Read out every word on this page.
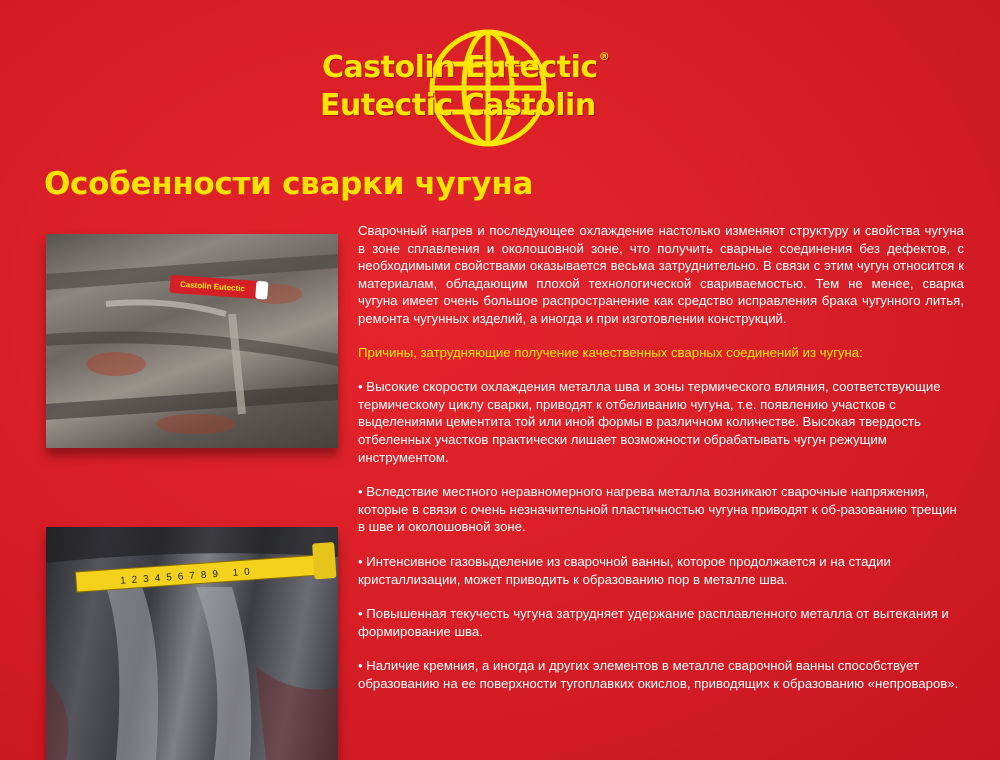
Castolin Eutectic®
Eutectic Castolin
Особенности сварки чугуна
Castolin Eutectic
123456789 10

Сварочный нагрев и последующее охлаждение настолько изменяют структуру и свойства чугуна в зоне сплавления и околошовной зоне, что получить сварные соединения без дефектов, с необходимыми свойствами оказывается весьма затруднительно. В связи с этим чугун относится к материалам, обладающим плохой технологической свариваемостью. Тем не менее, сварка чугуна имеет очень большое распространение как средство исправления брака чугунного литья, ремонта чугунных изделий, а иногда и при изготовлении конструкций.

Причины, затрудняющие получение качественных сварных соединений из чугуна:

• Высокие скорости охлаждения металла шва и зоны термического влияния, соответствующие термическому циклу сварки, приводят к отбеливанию чугуна, т.е. появлению участков с выделениями цементита той или иной формы в различном количестве. Высокая твердость отбеленных участков практически лишает возможности обрабатывать чугун режущим инструментом.

• Вследствие местного неравномерного нагрева металла возникают сварочные напряжения, которые в связи с очень незначительной пластичностью чугуна приводят к об-разованию трещин в шве и околошовной зоне.

• Интенсивное газовыделение из сварочной ванны, которое продолжается и на стадии кристаллизации, может приводить к образованию пор в металле шва.

• Повышенная текучесть чугуна затрудняет удержание расплавленного металла от вытекания и формирование шва.

• Наличие кремния, а иногда и других элементов в металле сварочной ванны способствует образованию на ее поверхности тугоплавких окислов, приводящих к образованию «непроваров».
